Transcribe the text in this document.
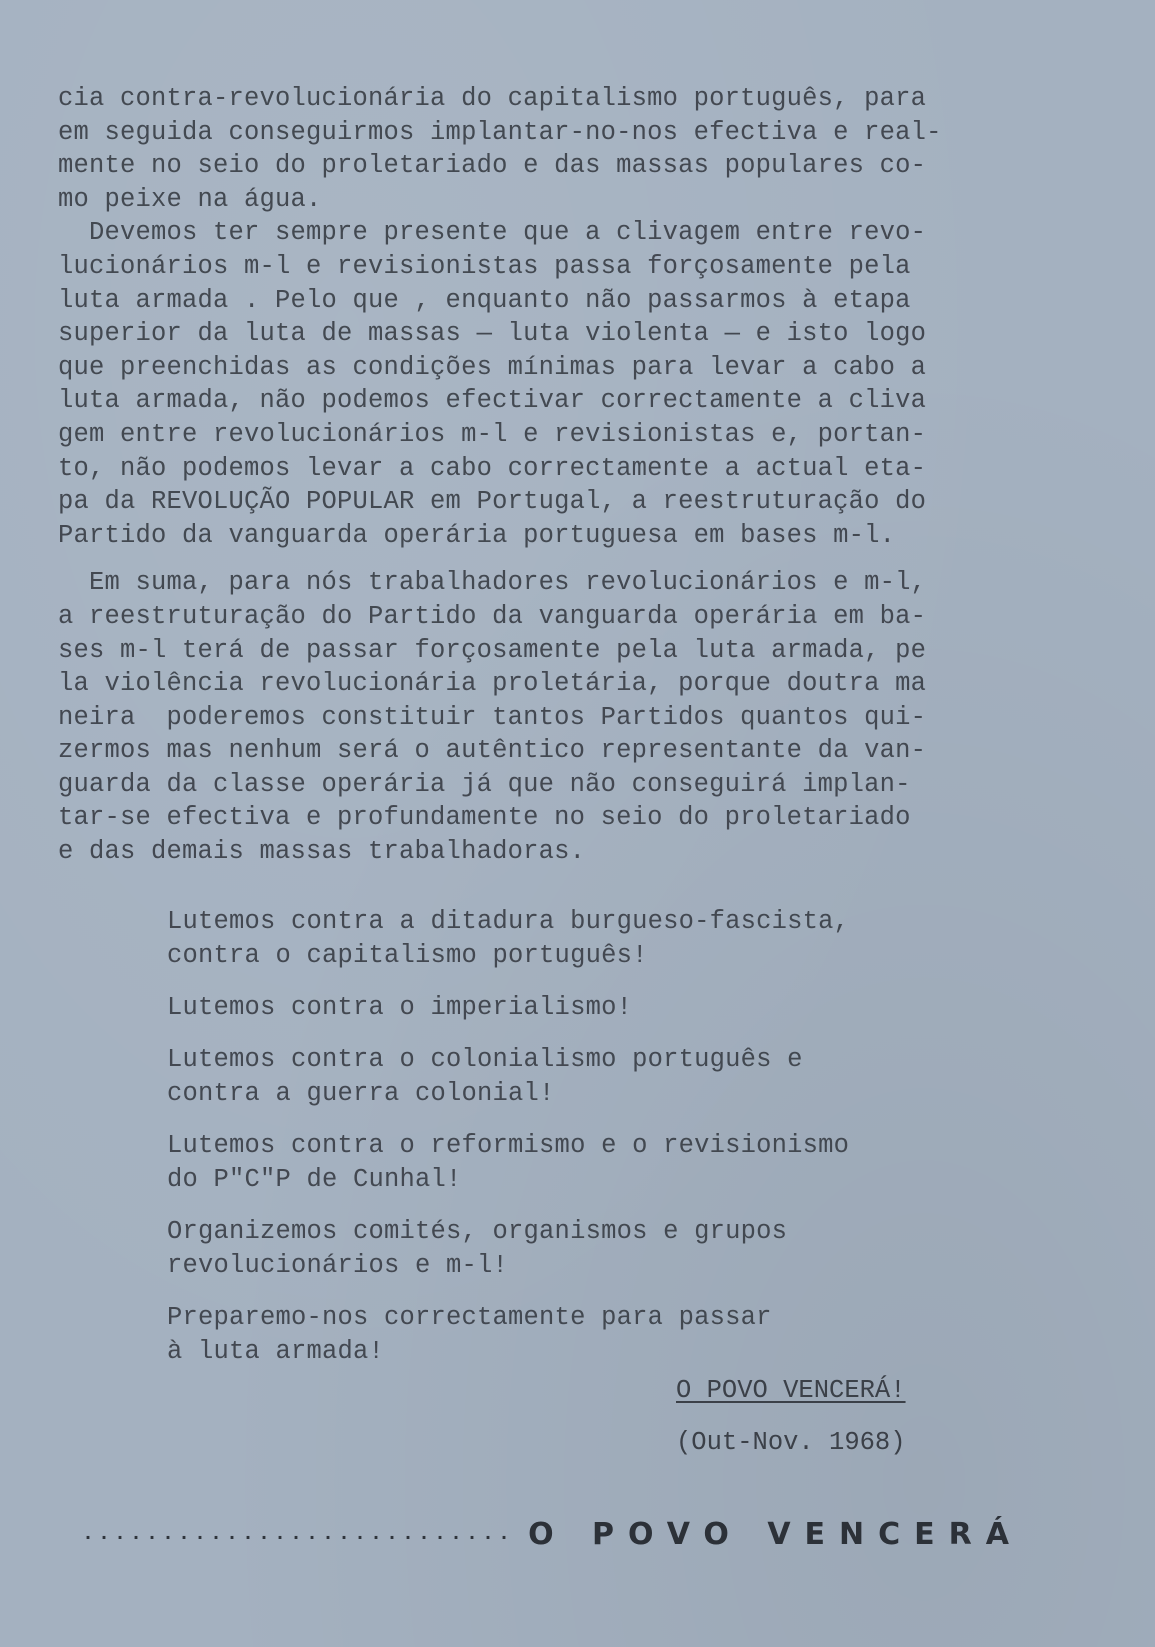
cia contra-revolucionária do capitalismo português, para
em seguida conseguirmos implantar-no-nos efectiva e real-
mente no seio do proletariado e das massas populares co-
mo peixe na água.
Devemos ter sempre presente que a clivagem entre revo-
lucionários m-l e revisionistas passa forçosamente pela
luta armada . Pelo que , enquanto não passarmos à etapa
superior da luta de massas — luta violenta — e isto logo
que preenchidas as condições mínimas para levar a cabo a
luta armada, não podemos efectivar correctamente a cliva
gem entre revolucionários m-l e revisionistas e, portan-
to, não podemos levar a cabo correctamente a actual eta-
pa da REVOLUÇÃO POPULAR em Portugal, a reestruturação do
Partido da vanguarda operária portuguesa em bases m-l.
Em suma, para nós trabalhadores revolucionários e m-l,
a reestruturação do Partido da vanguarda operária em ba-
ses m-l terá de passar forçosamente pela luta armada, pe
la violência revolucionária proletária, porque doutra ma
neira  poderemos constituir tantos Partidos quantos qui-
zermos mas nenhum será o autêntico representante da van-
guarda da classe operária já que não conseguirá implan-
tar-se efectiva e profundamente no seio do proletariado
e das demais massas trabalhadoras.
Lutemos contra a ditadura burgueso-fascista,
contra o capitalismo português!
Lutemos contra o imperialismo!
Lutemos contra o colonialismo português e
contra a guerra colonial!
Lutemos contra o reformismo e o revisionismo
do P"C"P de Cunhal!
Organizemos comités, organismos e grupos
revolucionários e m-l!
Preparemo-nos correctamente para passar
à luta armada!
O POVO VENCERÁ!
(Out-Nov. 1968)
........................... O POVO VENCERÁ
